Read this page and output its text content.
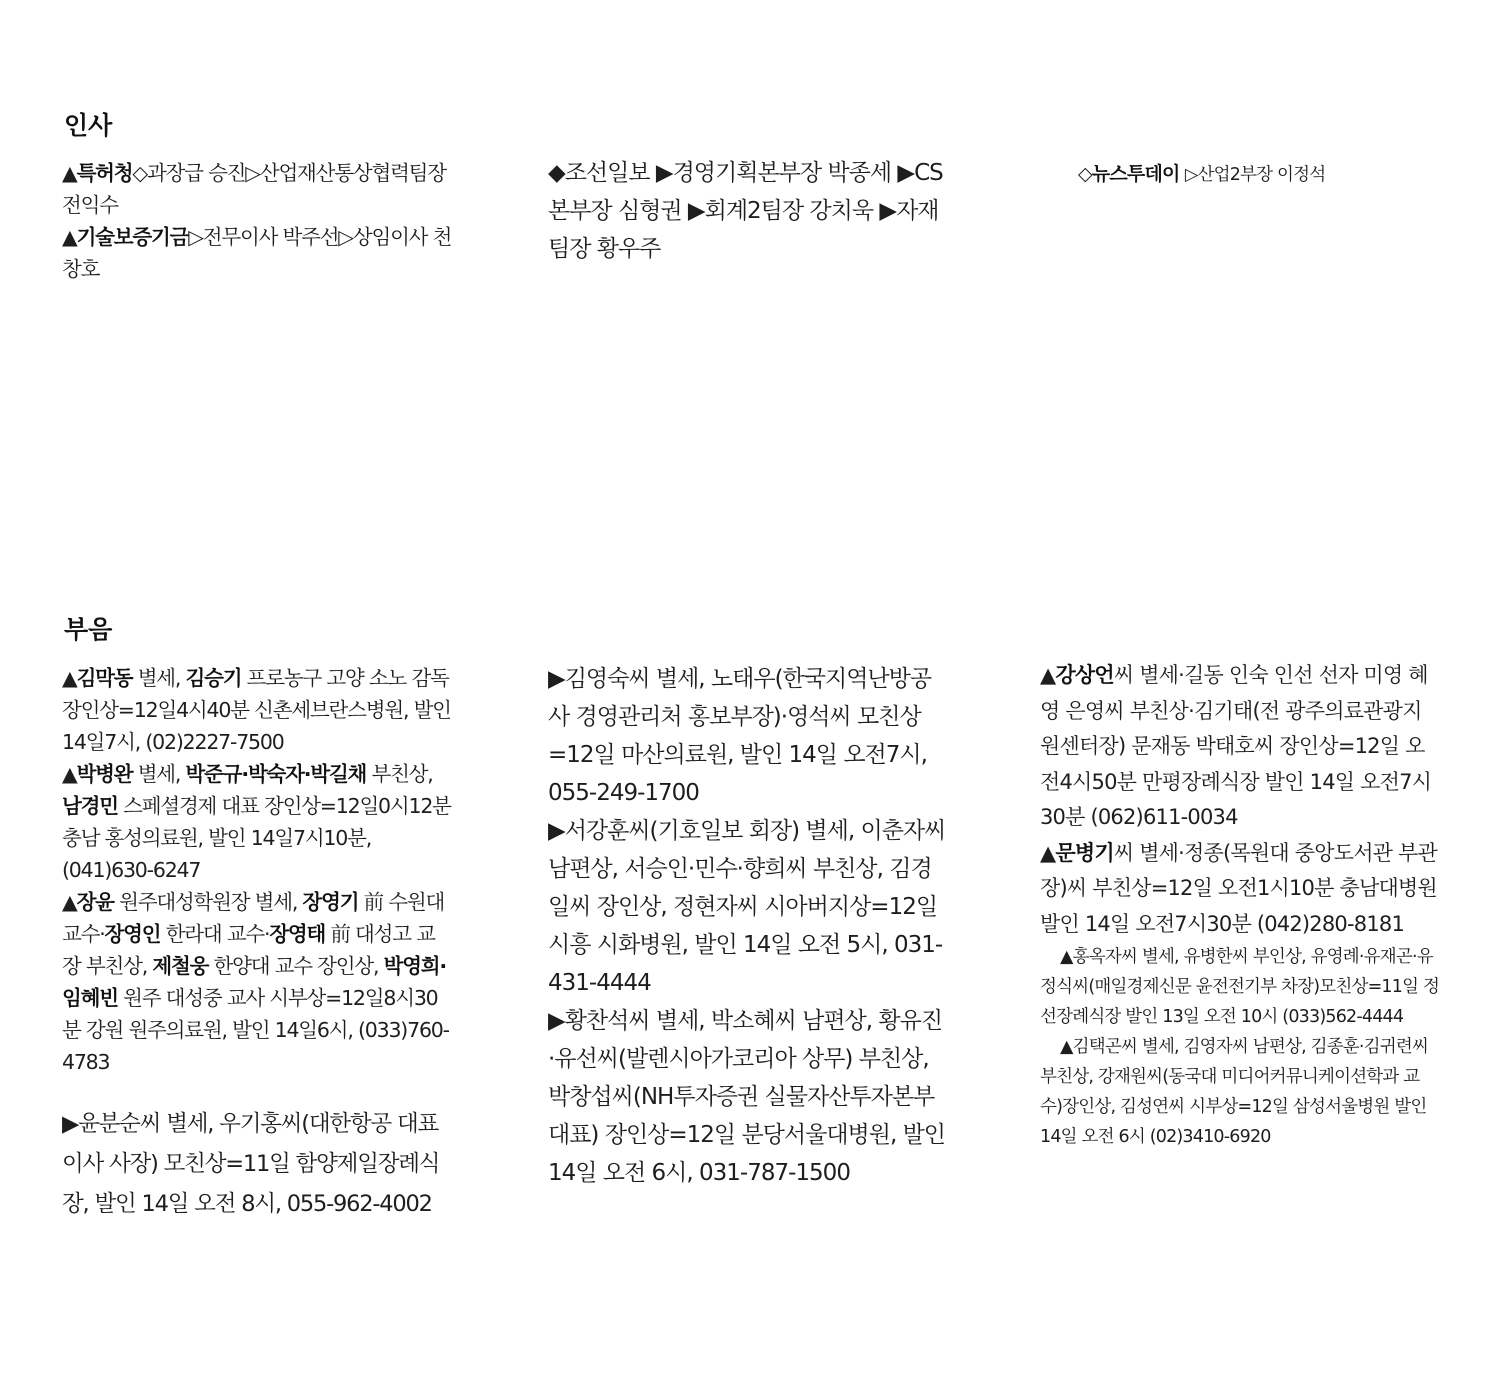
인사

▲특허청◇과장급 승진▷산업재산통상협력팀장 전익수

▲기술보증기금▷전무이사 박주선▷상임이사 천창호

◆조선일보 ▶경영기획본부장 박종세 ▶CS본부장 심형권 ▶회계2팀장 강치욱 ▶자재팀장 황우주

◇뉴스투데이 ▷산업2부장 이정석

부음

▲김막동 별세, 김승기 프로농구 고양 소노 감독 장인상=12일4시40분 신촌세브란스병원, 발인 14일7시, (02)2227-7500

▲박병완 별세, 박준규·박숙자·박길채 부친상, 남경민 스페셜경제 대표 장인상=12일0시12분 충남 홍성의료원, 발인 14일7시10분, (041)630-6247

▲장윤 원주대성학원장 별세, 장영기 前 수원대 교수·장영인 한라대 교수·장영태 前 대성고 교장 부친상, 제철웅 한양대 교수 장인상, 박영희·임혜빈 원주 대성중 교사 시부상=12일8시30분 강원 원주의료원, 발인 14일6시, (033)760-4783

▶윤분순씨 별세, 우기홍씨(대한항공 대표이사 사장) 모친상=11일 함양제일장례식장, 발인 14일 오전 8시, 055-962-4002

▶김영숙씨 별세, 노태우(한국지역난방공사 경영관리처 홍보부장)·영석씨 모친상=12일 마산의료원, 발인 14일 오전7시, 055-249-1700

▶서강훈씨(기호일보 회장) 별세, 이춘자씨 남편상, 서승인·민수·향희씨 부친상, 김경일씨 장인상, 정현자씨 시아버지상=12일 시흥 시화병원, 발인 14일 오전 5시, 031-431-4444

▶황찬석씨 별세, 박소혜씨 남편상, 황유진·유선씨(발렌시아가코리아 상무) 부친상, 박창섭씨(NH투자증권 실물자산투자본부 대표) 장인상=12일 분당서울대병원, 발인 14일 오전 6시, 031-787-1500

▲강상언씨 별세·길동 인숙 인선 선자 미영 혜영 은영씨 부친상·김기태(전 광주의료관광지원센터장) 문재동 박태호씨 장인상=12일 오전4시50분 만평장례식장 발인 14일 오전7시30분 (062)611-0034

▲문병기씨 별세·정종(목원대 중앙도서관 부관장)씨 부친상=12일 오전1시10분 충남대병원 발인 14일 오전7시30분 (042)280-8181

▲홍옥자씨 별세, 유병한씨 부인상, 유영례·유재곤·유정식씨(매일경제신문 윤전전기부 차장)모친상=11일 정선장례식장 발인 13일 오전 10시 (033)562-4444

▲김택곤씨 별세, 김영자씨 남편상, 김종훈·김귀련씨 부친상, 강재원씨(동국대 미디어커뮤니케이션학과 교수)장인상, 김성연씨 시부상=12일 삼성서울병원 발인 14일 오전 6시 (02)3410-6920
